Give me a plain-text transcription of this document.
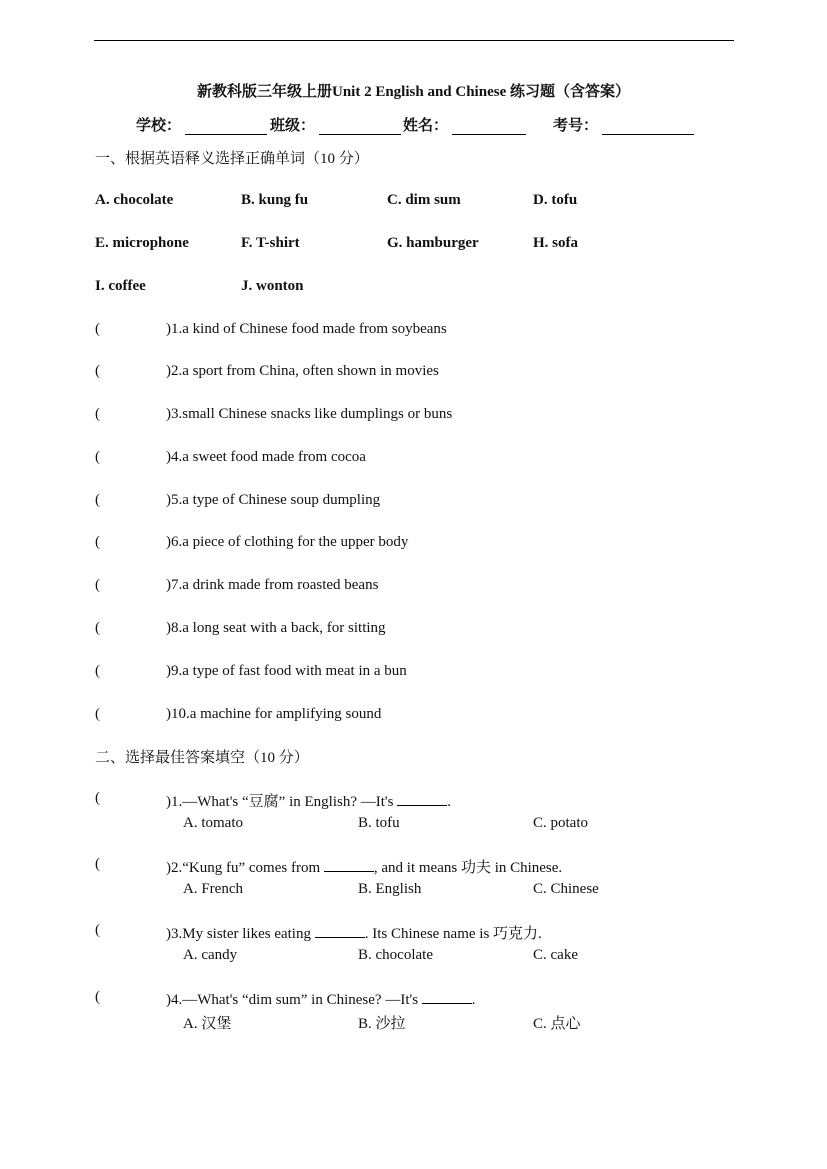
新教科版三年级上册Unit 2 English and Chinese 练习题（含答案）
学校：	班级：	姓名：	考号：
一、根据英语释义选择正确单词（10 分）
A. chocolate	B. kung fu	C. dim sum	D. tofu
E. microphone	F. T-shirt	G. hamburger	H. sofa
I. coffee	J. wonton
(	)1.a kind of Chinese food made from soybeans
(	)2.a sport from China, often shown in movies
(	)3.small Chinese snacks like dumplings or buns
(	)4.a sweet food made from cocoa
(	)5.a type of Chinese soup dumpling
(	)6.a piece of clothing for the upper body
(	)7.a drink made from roasted beans
(	)8.a long seat with a back, for sitting
(	)9.a type of fast food with meat in a bun
(	)10.a machine for amplifying sound
二、选择最佳答案填空（10 分）
(	)1.—What's “豆腐” in English? —It's	.
A. tomato	B. tofu	C. potato
(	)2.“Kung fu” comes from	, and it means 功夫 in Chinese.
A. French	B. English	C. Chinese
(	)3.My sister likes eating	. Its Chinese name is 巧克力.
A. candy	B. chocolate	C. cake
(	)4.—What's “dim sum” in Chinese? —It's	.
A. 汉堡	B. 沙拉	C. 点心
